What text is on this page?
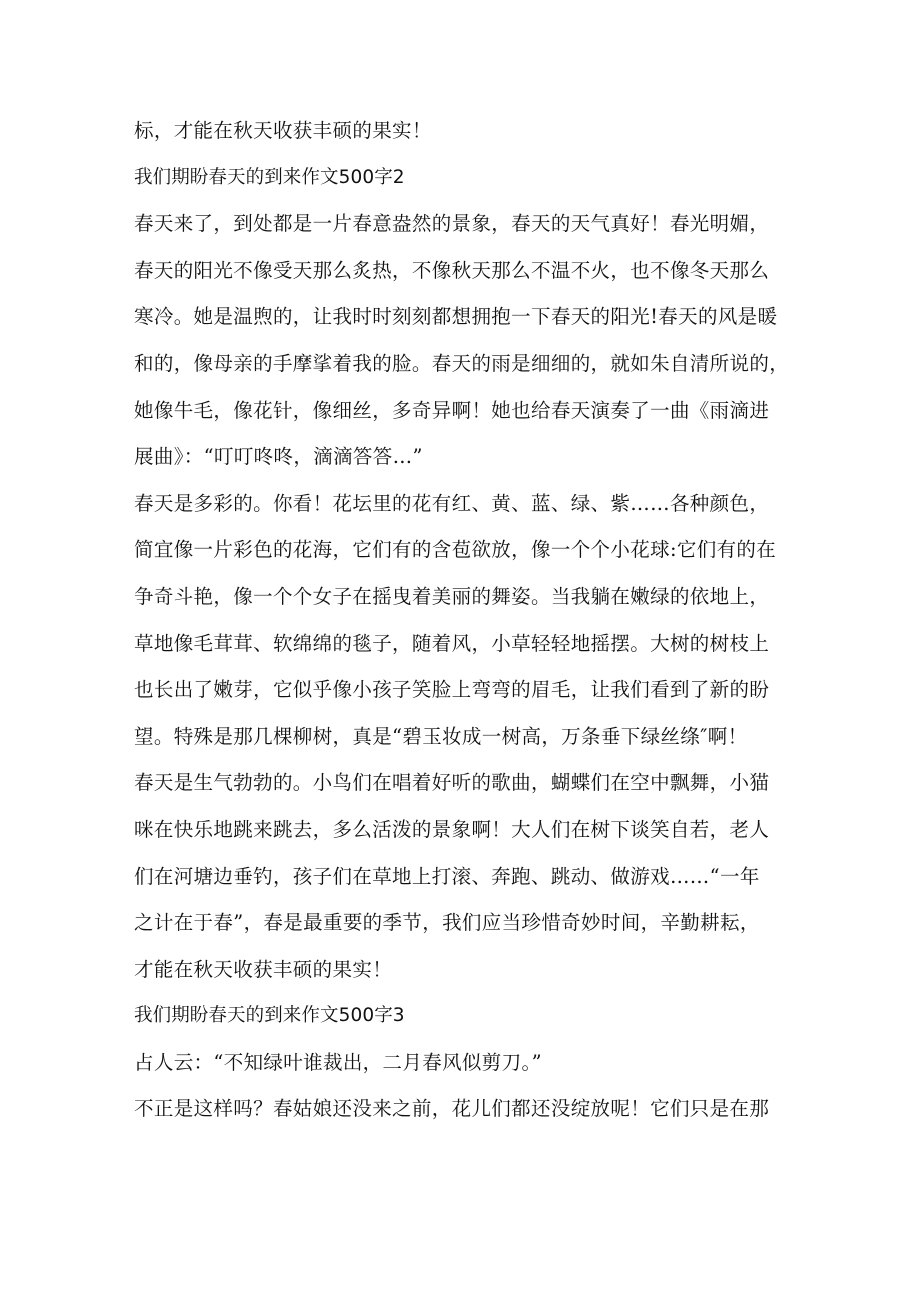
标，才能在秋天收获丰硕的果实！
我们期盼春天的到来作文500字2
春天来了，到处都是一片春意盎然的景象，春天的天气真好！春光明媚，
春天的阳光不像受天那么炙热，不像秋天那么不温不火，也不像冬天那么
寒冷。她是温煦的，让我时时刻刻都想拥抱一下春天的阳光!春天的风是暖
和的，像母亲的手摩挲着我的脸。春天的雨是细细的，就如朱自清所说的，
她像牛毛，像花针，像细丝，多奇异啊！她也给春天演奏了一曲《雨滴进
展曲》：“叮叮咚咚，滴滴答答…”
春天是多彩的。你看！花坛里的花有红、黄、蓝、绿、紫……各种颜色，
简宜像一片彩色的花海，它们有的含苞欲放，像一个个小花球:它们有的在
争奇斗艳，像一个个女子在摇曳着美丽的舞姿。当我躺在嫩绿的依地上，
草地像毛茸茸、软绵绵的毯子，随着风，小草轻轻地摇摆。大树的树枝上
也长出了嫩芽，它似乎像小孩子笑脸上弯弯的眉毛，让我们看到了新的盼
望。特殊是那几棵柳树，真是“碧玉妆成一树高，万条垂下绿丝绦″啊！
春天是生气勃勃的。小鸟们在唱着好听的歌曲，蝴蝶们在空中飘舞，小猫
咪在快乐地跳来跳去，多么活泼的景象啊！大人们在树下谈笑自若，老人
们在河塘边垂钓，孩子们在草地上打滚、奔跑、跳动、做游戏……“一年
之计在于春”，春是最重要的季节，我们应当珍惜奇妙时间，辛勤耕耘，
才能在秋天收获丰硕的果实！
我们期盼春天的到来作文500字3
占人云：“不知绿叶谁裁出，二月春风似剪刀。”
不正是这样吗？春姑娘还没来之前，花儿们都还没绽放呢！它们只是在那
